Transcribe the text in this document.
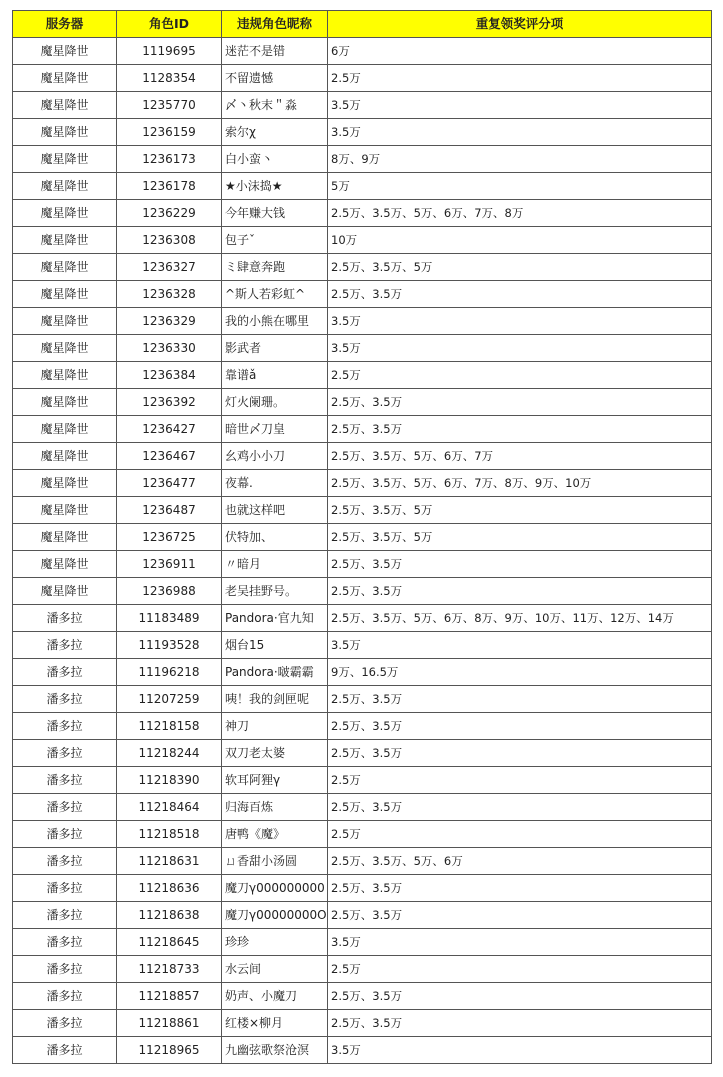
服务器	角色ID	违规角色昵称	重复领奖评分项
魔星降世	1119695	迷茫不是错	6万
魔星降世	1128354	不留遗憾	2.5万
魔星降世	1235770	〆丶秋末＂淼	3.5万
魔星降世	1236159	索尔χ	3.5万
魔星降世	1236173	白小蛮丶	8万、9万
魔星降世	1236178	★小沫捣★	5万
魔星降世	1236229	今年赚大钱	2.5万、3.5万、5万、6万、7万、8万
魔星降世	1236308	包子ˇ	10万
魔星降世	1236327	ミ肆意奔跑	2.5万、3.5万、5万
魔星降世	1236328	^斯人若彩虹^	2.5万、3.5万
魔星降世	1236329	我的小熊在哪里	3.5万
魔星降世	1236330	影武者	3.5万
魔星降世	1236384	靠谱ǎ	2.5万
魔星降世	1236392	灯火阑珊。	2.5万、3.5万
魔星降世	1236427	暗世〆刀皇	2.5万、3.5万
魔星降世	1236467	幺鸡小小刀	2.5万、3.5万、5万、6万、7万
魔星降世	1236477	夜幕.	2.5万、3.5万、5万、6万、7万、8万、9万、10万
魔星降世	1236487	也就这样吧	2.5万、3.5万、5万
魔星降世	1236725	伏特加、	2.5万、3.5万、5万
魔星降世	1236911	〃暗月	2.5万、3.5万
魔星降世	1236988	老吴挂野号。	2.5万、3.5万
潘多拉	11183489	Pandora·官九知	2.5万、3.5万、5万、6万、8万、9万、10万、11万、12万、14万
潘多拉	11193528	烟台15	3.5万
潘多拉	11196218	Pandora·啵霸霸	9万、16.5万
潘多拉	11207259	咦！我的剑匣呢	2.5万、3.5万
潘多拉	11218158	神刀	2.5万、3.5万
潘多拉	11218244	双刀老太婆	2.5万、3.5万
潘多拉	11218390	软耳阿狸γ	2.5万
潘多拉	11218464	归海百炼	2.5万、3.5万
潘多拉	11218518	唐鸭《魔》	2.5万
潘多拉	11218631	ㄩ香甜小汤圆	2.5万、3.5万、5万、6万
潘多拉	11218636	魔刀γ000000000	2.5万、3.5万
潘多拉	11218638	魔刀γ00000000O	2.5万、3.5万
潘多拉	11218645	珍珍	3.5万
潘多拉	11218733	水云间	2.5万
潘多拉	11218857	奶声、小魔刀	2.5万、3.5万
潘多拉	11218861	红楼×柳月	2.5万、3.5万
潘多拉	11218965	九幽弦歌祭沧溟	3.5万
